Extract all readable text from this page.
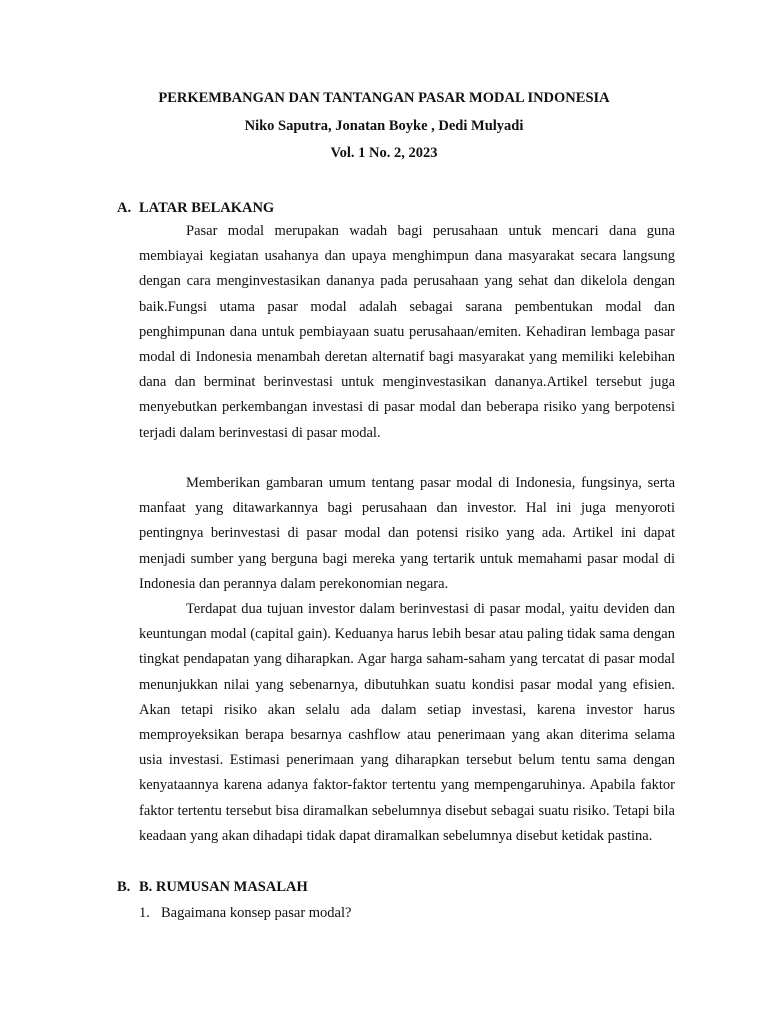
PERKEMBANGAN DAN TANTANGAN PASAR MODAL INDONESIA
Niko Saputra, Jonatan Boyke , Dedi Mulyadi
Vol. 1 No. 2, 2023
A. LATAR BELAKANG

Pasar modal merupakan wadah bagi perusahaan untuk mencari dana guna membiayai kegiatan usahanya dan upaya menghimpun dana masyarakat secara langsung dengan cara menginvestasikan dananya pada perusahaan yang sehat dan dikelola dengan baik.Fungsi utama pasar modal adalah sebagai sarana pembentukan modal dan penghimpunan dana untuk pembiayaan suatu perusahaan/emiten. Kehadiran lembaga pasar modal di Indonesia menambah deretan alternatif bagi masyarakat yang memiliki kelebihan dana dan berminat berinvestasi untuk menginvestasikan dananya.Artikel tersebut juga menyebutkan perkembangan investasi di pasar modal dan beberapa risiko yang berpotensi terjadi dalam berinvestasi di pasar modal.

Memberikan gambaran umum tentang pasar modal di Indonesia, fungsinya, serta manfaat yang ditawarkannya bagi perusahaan dan investor. Hal ini juga menyoroti pentingnya berinvestasi di pasar modal dan potensi risiko yang ada. Artikel ini dapat menjadi sumber yang berguna bagi mereka yang tertarik untuk memahami pasar modal di Indonesia dan perannya dalam perekonomian negara.

Terdapat dua tujuan investor dalam berinvestasi di pasar modal, yaitu deviden dan keuntungan modal (capital gain). Keduanya harus lebih besar atau paling tidak sama dengan tingkat pendapatan yang diharapkan. Agar harga saham-saham yang tercatat di pasar modal menunjukkan nilai yang sebenarnya, dibutuhkan suatu kondisi pasar modal yang efisien. Akan tetapi risiko akan selalu ada dalam setiap investasi, karena investor harus memproyeksikan berapa besarnya cashflow atau penerimaan yang akan diterima selama usia investasi. Estimasi penerimaan yang diharapkan tersebut belum tentu sama dengan kenyataannya karena adanya faktor-faktor tertentu yang mempengaruhinya. Apabila faktor faktor tertentu tersebut bisa diramalkan sebelumnya disebut sebagai suatu risiko. Tetapi bila keadaan yang akan dihadapi tidak dapat diramalkan sebelumnya disebut ketidak pastina.

B. B. RUMUSAN MASALAH
1. Bagaimana konsep pasar modal?
